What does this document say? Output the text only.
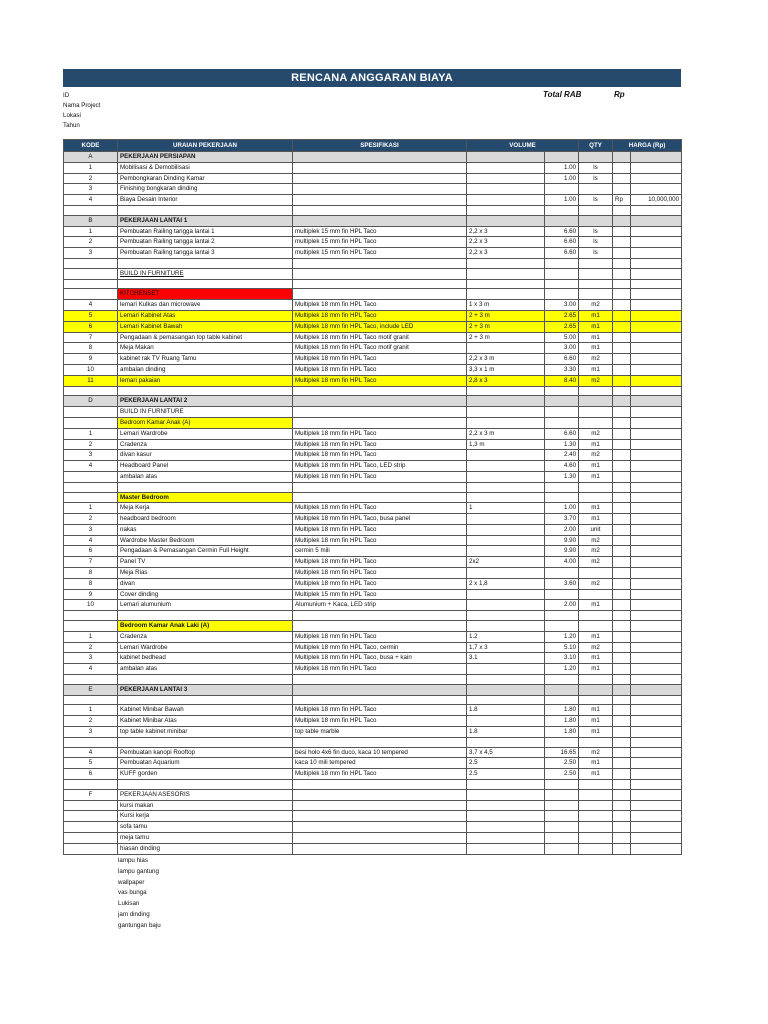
RENCANA ANGGARAN BIAYA
ID
Nama Project
Lokasi
Tahun
Total RAB	Rp
KODE	URAIAN PEKERJAAN	SPESIFIKASI	VOLUME		QTY	HARGA (Rp)	
A	PEKERJAAN PERSIAPAN						
1	Mobilisasi & Demobilisasi			1.00	ls		
2	Pembongkaran Dinding Kamar			1.00	ls		
3	Finishing bongkaran dinding						
4	Biaya Desain Interior			1.00	ls	Rp	10,000,000

B	PEKERJAAN LANTAI 1						
1	Pembuatan Railing tangga lantai 1	multiplek 15 mm fin HPL Taco	2,2 x 3	6.60	ls		
2	Pembuatan Railing tangga lantai 2	multiplek 15 mm fin HPL Taco	2,2 x 3	6.60	ls		
3	Pembuatan Railing tangga lantai 3	multiplek 15 mm fin HPL Taco	2,2 x 3	6.60	ls		

	BUILD IN FURNITURE						

	KITCHENSET						
4	lemari Kulkas dan microwave	Multiplek 18 mm fin HPL Taco	1 x 3 m	3.00	m2		
5	Lemari Kabinet Atas	Multiplek 18 mm fin HPL Taco	2 + 3 m	2.65	m1		
6	Lemari Kabinet Bawah	Multiplek 18 mm fin HPL Taco, include LED	2 + 3 m	2.65	m1		
7	Pengadaan & pemasangan top table kabinet	Multiplek 18 mm fin HPL Taco motif granit	2 + 3 m	5.00	m1		
8	Meja Makan	Multiplek 18 mm fin HPL Taco motif granit		3.00	m1		
9	kabinet rak TV Ruang Tamu	Multiplek 18 mm fin HPL Taco	2,2 x 3 m	6.60	m2		
10	ambalan dinding	Multiplek 18 mm fin HPL Taco	3,3 x 1 m	3.30	m1		
11	lemari pakaian	Multiplek 18 mm fin HPL Taco	2,8 x 3	8.40	m2		

D	PEKERJAAN LANTAI 2						
	BUILD IN FURNITURE						
	Bedroom Kamar Anak (A)						
1	Lemari Wardrobe	Multiplek 18 mm fin HPL Taco	2,2 x 3 m	6.60	m2		
2	Cradenza	Multiplek 18 mm fin HPL Taco	1,3 m	1.30	m1		
3	divan kasur	Multiplek 18 mm fin HPL Taco		2.40	m2		
4	Headboard Panel	Multiplek 18 mm fin HPL Taco, LED strip		4.60	m1		
	ambalan atas	Multiplek 18 mm fin HPL Taco		1.30	m1		

	Master Bedroom						
1	Meja Kerja	Multiplek 18 mm fin HPL Taco	1	1.00	m1		
2	headboard bedroom	Multiplek 18 mm fin HPL Taco, busa panel		3.70	m1		
3	nakas	Multiplek 18 mm fin HPL Taco		2.00	unit		
4	Wardrobe Master Bedroom	Multiplek 18 mm fin HPL Taco		9.90	m2		
6	Pengadaan & Pemasangan Cermin Full Height	cermin 5 mili		9.90	m2		
7	Panel TV	Multiplek 18 mm fin HPL Taco	2x2	4.00	m2		
8	Meja Rias	Multiplek 18 mm fin HPL Taco					
8	divan	Multiplek 18 mm fin HPL Taco	2 x 1,8	3.60	m2		
9	Cover dinding	Multiplek 15 mm fin HPL Taco					
10	Lemari alumunium	Alumunium + Kaca, LED strip		2.00	m1		

	Bedroom Kamar Anak Laki (A)						
1	Cradenza	Multiplek 18 mm fin HPL Taco	1.2	1.20	m1		
2	Lemari Wardrobe	Multiplek 18 mm fin HPL Taco, cermin	1,7 x 3	5.10	m2		
3	kabinet bedhead	Multiplek 18 mm fin HPL Taco, busa + kain	3.1	3.10	m1		
4	ambalan atas	Multiplek 18 mm fin HPL Taco		1.20	m1		

E	PEKERJAAN LANTAI 3						

1	Kabinet Minibar Bawah	Multiplek 18 mm fin HPL Taco	1.8	1.80	m1		
2	Kabinet Minibar Atas	Multiplek 18 mm fin HPL Taco		1.80	m1		
3	top table kabinet minibar	top table marble	1.8	1.80	m1		

4	Pembuatan kanopi Rooftop	besi holo 4x6 fin duco, kaca 10 tempered	3,7 x 4,5	16.65	m2		
5	Pembuatan Aquarium	kaca 10 mili tempered	2.5	2.50	m1		
6	KUFF gorden	Multiplek 18 mm fin HPL Taco	2.5	2.50	m1		

F	PEKERJAAN ASESORIS						
	kursi makan						
	Kursi kerja						
	sofa tamu						
	meja tamu						
	hiasan dinding						
lampu hias
lampu gantung
wallpaper
vas bunga
Lukisan
jam dinding
gantungan baju
